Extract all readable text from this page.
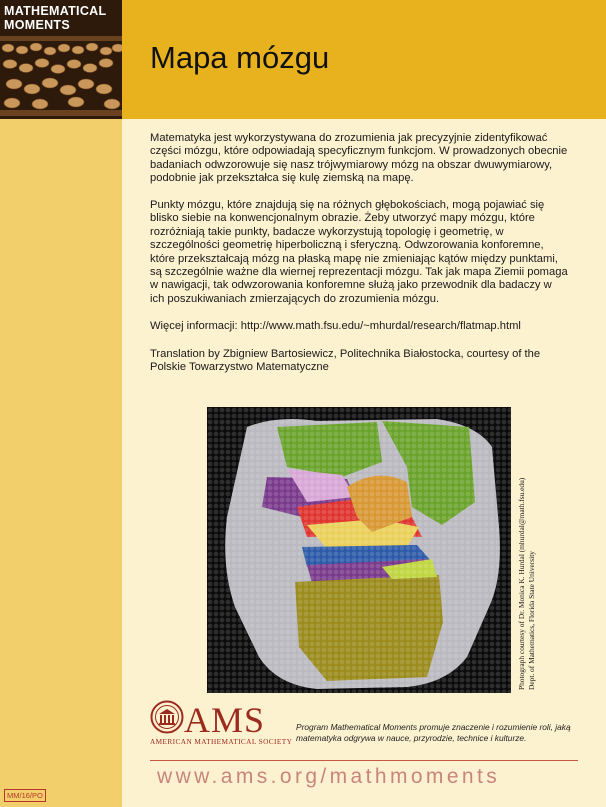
MATHEMATICAL
MOMENTS
Mapa mózgu

Matematyka jest wykorzystywana do zrozumienia jak precyzyjnie zidentyfikować części mózgu, które odpowiadają specyficznym funkcjom. W prowadzonych obecnie badaniach odwzorowuje się nasz trójwymiarowy mózg na obszar dwuwymiarowy, podobnie jak przekształca się kulę ziemską na mapę.

Punkty mózgu, które znajdują się na różnych głębokościach, mogą pojawiać się blisko siebie na konwencjonalnym obrazie. Żeby utworzyć mapy mózgu, które rozróżniają takie punkty, badacze wykorzystują topologię i geometrię, w szczególności geometrię hiperboliczną i sferyczną. Odwzorowania konforemne, które przekształcają mózg na płaską mapę nie zmieniając kątów między punktami, są szczególnie ważne dla wiernej reprezentacji mózgu. Tak jak mapa Ziemii pomaga w nawigacji, tak odwzorowania konforemne służą jako przewodnik dla badaczy w ich poszukiwaniach zmierzających do zrozumienia mózgu.

Więcej informacji: http://www.math.fsu.edu/~mhurdal/research/flatmap.html

Translation by Zbigniew Bartosiewicz, Politechnika Białostocka, courtesy of the Polskie Towarzystwo Matematyczne

Photograph courtesy of Dr. Monica K. Hurdal (mhurdal@math.fsu.edu) Dept. of Mathematics, Florida State University
AMS
AMERICAN MATHEMATICAL SOCIETY
Program Mathematical Moments promuje znaczenie i rozumienie roli, jaką matematyka odgrywa w nauce, przyrodzie, technice i kulturze.
www.ams.org/mathmoments
MM/16/PO
